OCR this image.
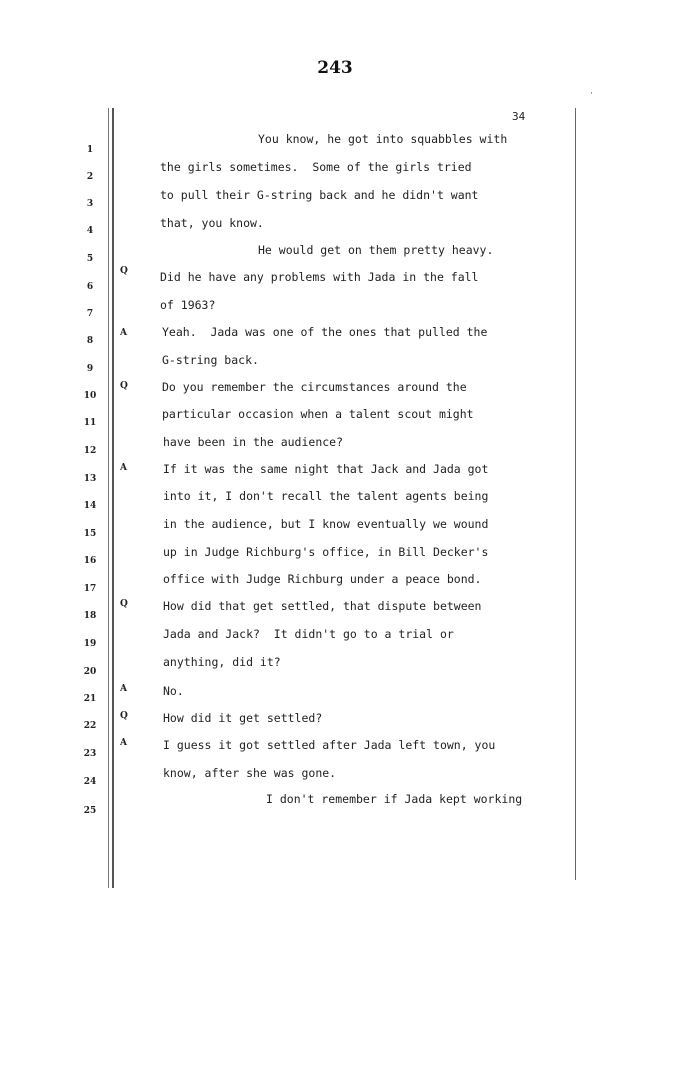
243
34
1
2
3
4
5
6
7
8
9
10
11
12
13
14
15
16
17
18
19
20
21
22
23
24
25
Q
A
Q
A
Q
A
Q
A
You know, he got into squabbles with
the girls sometimes.  Some of the girls tried
to pull their G-string back and he didn't want
that, you know.
He would get on them pretty heavy.
Did he have any problems with Jada in the fall
of 1963?
Yeah.  Jada was one of the ones that pulled the
G-string back.
Do you remember the circumstances around the
particular occasion when a talent scout might
have been in the audience?
If it was the same night that Jack and Jada got
into it, I don't recall the talent agents being
in the audience, but I know eventually we wound
up in Judge Richburg's office, in Bill Decker's
office with Judge Richburg under a peace bond.
How did that get settled, that dispute between
Jada and Jack?  It didn't go to a trial or
anything, did it?
No.
How did it get settled?
I guess it got settled after Jada left town, you
know, after she was gone.
I don't remember if Jada kept working
